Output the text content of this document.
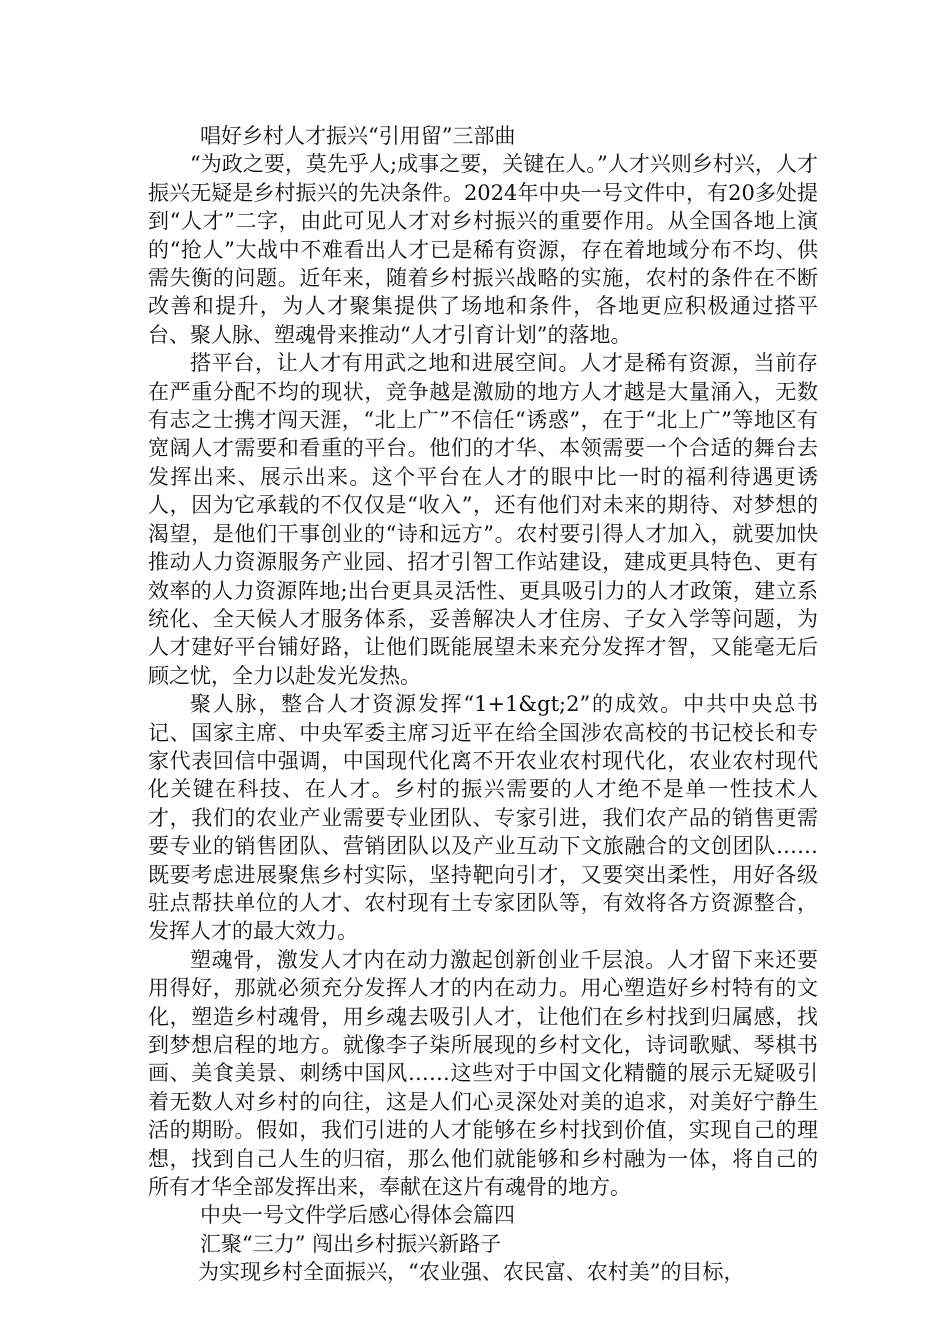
唱好乡村人才振兴“引用留”三部曲

“为政之要，莫先乎人;成事之要，关键在人。”人才兴则乡村兴，人才振兴无疑是乡村振兴的先决条件。2024年中央一号文件中，有20多处提到“人才”二字，由此可见人才对乡村振兴的重要作用。从全国各地上演的“抢人”大战中不难看出人才已是稀有资源，存在着地域分布不均、供需失衡的问题。近年来，随着乡村振兴战略的实施，农村的条件在不断改善和提升，为人才聚集提供了场地和条件，各地更应积极通过搭平台、聚人脉、塑魂骨来推动“人才引育计划”的落地。

搭平台，让人才有用武之地和进展空间。人才是稀有资源，当前存在严重分配不均的现状，竞争越是激励的地方人才越是大量涌入，无数有志之士携才闯天涯，“北上广”不信任“诱惑”，在于“北上广”等地区有宽阔人才需要和看重的平台。他们的才华、本领需要一个合适的舞台去发挥出来、展示出来。这个平台在人才的眼中比一时的福利待遇更诱人，因为它承载的不仅仅是“收入”，还有他们对未来的期待、对梦想的渴望，是他们干事创业的“诗和远方”。农村要引得人才加入，就要加快推动人力资源服务产业园、招才引智工作站建设，建成更具特色、更有效率的人力资源阵地;出台更具灵活性、更具吸引力的人才政策，建立系统化、全天候人才服务体系，妥善解决人才住房、子女入学等问题，为人才建好平台铺好路，让他们既能展望未来充分发挥才智，又能毫无后顾之忧，全力以赴发光发热。

聚人脉，整合人才资源发挥“1+1&gt;2”的成效。中共中央总书记、国家主席、中央军委主席习近平在给全国涉农高校的书记校长和专家代表回信中强调，中国现代化离不开农业农村现代化，农业农村现代化关键在科技、在人才。乡村的振兴需要的人才绝不是单一性技术人才，我们的农业产业需要专业团队、专家引进，我们农产品的销售更需要专业的销售团队、营销团队以及产业互动下文旅融合的文创团队……既要考虑进展聚焦乡村实际，坚持靶向引才，又要突出柔性，用好各级驻点帮扶单位的人才、农村现有土专家团队等，有效将各方资源整合，发挥人才的最大效力。

塑魂骨，激发人才内在动力激起创新创业千层浪。人才留下来还要用得好，那就必须充分发挥人才的内在动力。用心塑造好乡村特有的文化，塑造乡村魂骨，用乡魂去吸引人才，让他们在乡村找到归属感，找到梦想启程的地方。就像李子柒所展现的乡村文化，诗词歌赋、琴棋书画、美食美景、刺绣中国风……这些对于中国文化精髓的展示无疑吸引着无数人对乡村的向往，这是人们心灵深处对美的追求，对美好宁静生活的期盼。假如，我们引进的人才能够在乡村找到价值，实现自己的理想，找到自己人生的归宿，那么他们就能够和乡村融为一体，将自己的所有才华全部发挥出来，奉献在这片有魂骨的地方。

中央一号文件学后感心得体会篇四

汇聚“三力” 闯出乡村振兴新路子

为实现乡村全面振兴，“农业强、农民富、农村美”的目标，
